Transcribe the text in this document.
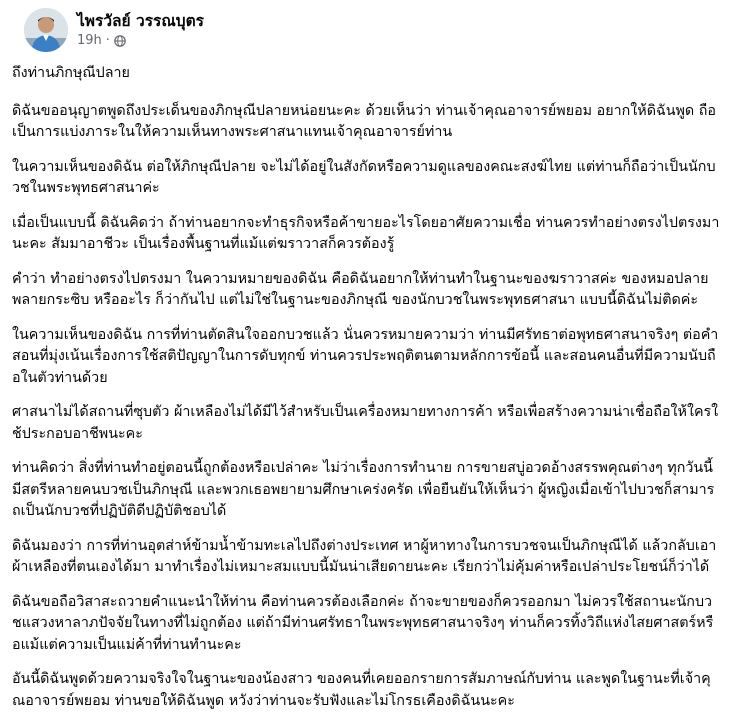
ไพรวัลย์ วรรณบุตร
19h ·

ถึงท่านภิกษุณีปลาย

ดิฉันขออนุญาตพูดถึงประเด็นของภิกษุณีปลายหน่อยนะคะ ด้วยเห็นว่า ท่านเจ้าคุณอาจารย์พยอม อยากให้ดิฉันพูด ถือเป็นการแบ่งภาระในให้ความเห็นทางพระศาสนาแทนเจ้าคุณอาจารย์ท่าน

ในความเห็นของดิฉัน ต่อให้ภิกษุณีปลาย จะไม่ได้อยู่ในสังกัดหรือความดูแลของคณะสงฆ์ไทย แต่ท่านก็ถือว่าเป็นนักบวชในพระพุทธศาสนาค่ะ

เมื่อเป็นแบบนี้ ดิฉันคิดว่า ถ้าท่านอยากจะทำธุรกิจหรือค้าขายอะไรโดยอาศัยความเชื่อ ท่านควรทำอย่างตรงไปตรงมานะคะ สัมมาอาชีวะ เป็นเรื่องพื้นฐานที่แม้แต่ฆราวาสก็ควรต้องรู้

คำว่า ทำอย่างตรงไปตรงมา ในความหมายของดิฉัน คือดิฉันอยากให้ท่านทำในฐานะของฆราวาสค่ะ ของหมอปลาย พลายกระซิบ หรืออะไร ก็ว่ากันไป แต่ไม่ใช่ในฐานะของภิกษุณี ของนักบวชในพระพุทธศาสนา แบบนี้ดิฉันไม่ติดค่ะ

ในความเห็นของดิฉัน การที่ท่านตัดสินใจออกบวชแล้ว นั่นควรหมายความว่า ท่านมีศรัทธาต่อพุทธศาสนาจริงๆ ต่อคำสอนที่มุ่งเน้นเรื่องการใช้สติปัญญาในการดับทุกข์ ท่านควรประพฤติตนตามหลักการข้อนี้ และสอนคนอื่นที่มีความนับถือในตัวท่านด้วย

ศาสนาไม่ได้สถานที่ซุบตัว ผ้าเหลืองไม่ได้มีไว้สำหรับเป็นเครื่องหมายทางการค้า หรือเพื่อสร้างความน่าเชื่อถือให้ใครใช้ประกอบอาชีพนะคะ

ท่านคิดว่า สิ่งที่ท่านทำอยู่ตอนนี้ถูกต้องหรือเปล่าคะ ไม่ว่าเรื่องการทำนาย การขายสบู่อวดอ้างสรรพคุณต่างๆ ทุกวันนี้ มีสตรีหลายคนบวชเป็นภิกษุณี และพวกเธอพยายามศึกษาเคร่งครัด เพื่อยืนยันให้เห็นว่า ผู้หญิงเมื่อเข้าไปบวชก็สามารถเป็นนักบวชที่ปฏิบัติดีปฏิบัติชอบได้

ดิฉันมองว่า การที่ท่านอุตส่าห์ข้ามน้ำข้ามทะเลไปถึงต่างประเทศ หาผู้หาทางในการบวชจนเป็นภิกษุณีได้ แล้วกลับเอาผ้าเหลืองที่ตนเองได้มา มาทำเรื่องไม่เหมาะสมแบบนี้มันน่าเสียดายนะคะ เรียกว่าไม่คุ้มค่าหรือเปล่าประโยชน์ก็ว่าได้

ดิฉันขอถือวิสาสะถวายคำแนะนำให้ท่าน คือท่านควรต้องเลือกค่ะ ถ้าจะขายของก็ควรออกมา ไม่ควรใช้สถานะนักบวชแสวงหาลาภปัจจัยในทางที่ไม่ถูกต้อง แต่ถ้ามีท่านศรัทธาในพระพุทธศาสนาจริงๆ ท่านก็ควรทิ้งวิถีแห่งไสยศาสตร์หรือแม้แต่ความเป็นแม่ค้าที่ท่านทำนะคะ

อันนี้ดิฉันพูดด้วยความจริงใจในฐานะของน้องสาว ของคนที่เคยออกรายการสัมภาษณ์กับท่าน และพูดในฐานะที่เจ้าคุณอาจารย์พยอม ท่านขอให้ดิฉันพูด หวังว่าท่านจะรับฟังและไม่โกรธเคืองดิฉันนะคะ
